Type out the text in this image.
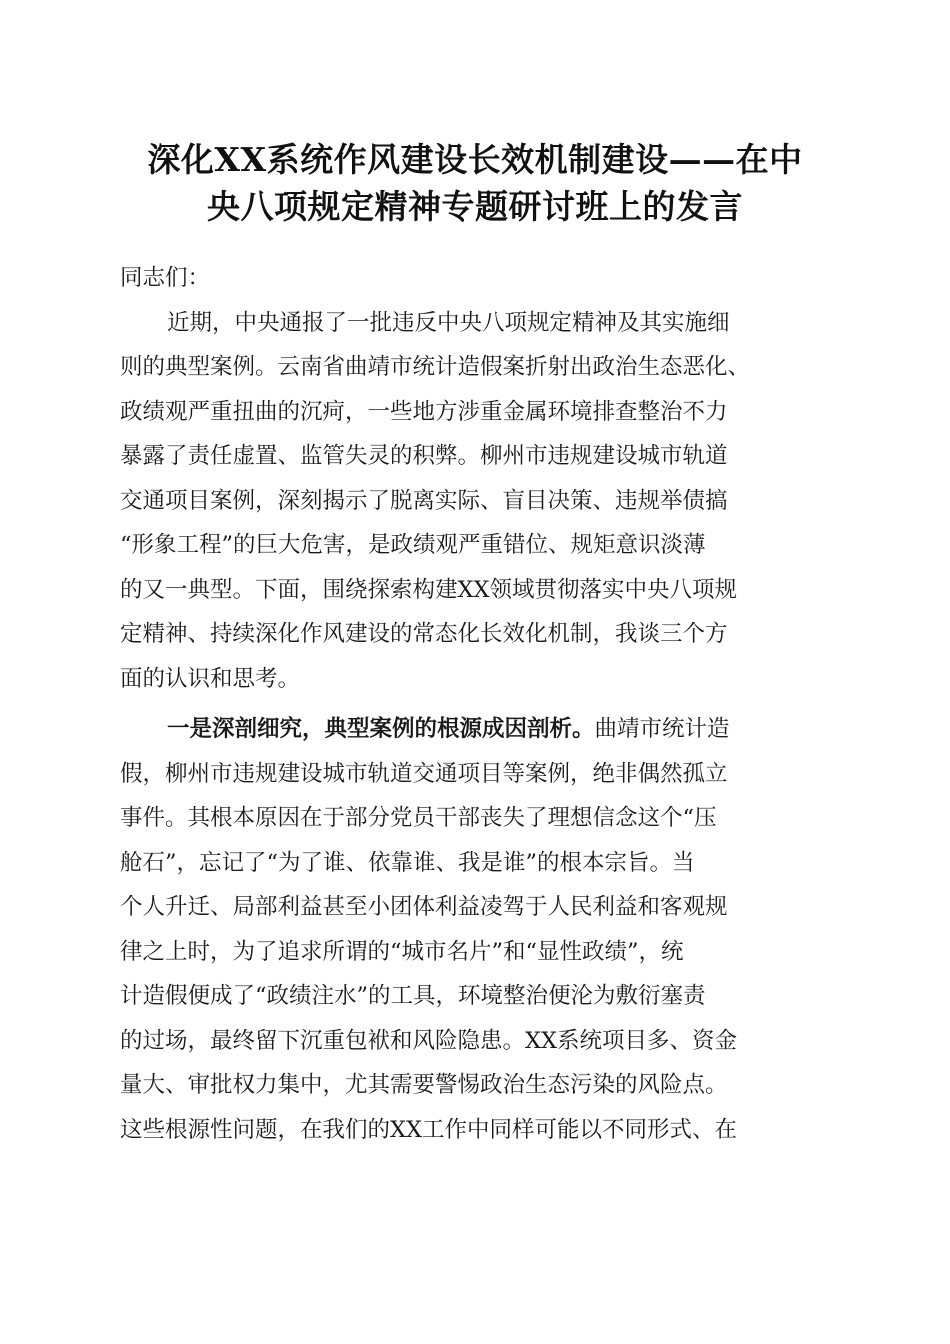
深化XX系统作风建设长效机制建设——在中
央八项规定精神专题研讨班上的发言
同志们：
近期，中央通报了一批违反中央八项规定精神及其实施细
则的典型案例。云南省曲靖市统计造假案折射出政治生态恶化、
政绩观严重扭曲的沉疴，一些地方涉重金属环境排查整治不力
暴露了责任虚置、监管失灵的积弊。柳州市违规建设城市轨道
交通项目案例，深刻揭示了脱离实际、盲目决策、违规举债搞
“形象工程”的巨大危害，是政绩观严重错位、规矩意识淡薄
的又一典型。下面，围绕探索构建XX领域贯彻落实中央八项规
定精神、持续深化作风建设的常态化长效化机制，我谈三个方
面的认识和思考。
一是深剖细究，典型案例的根源成因剖析。曲靖市统计造
假，柳州市违规建设城市轨道交通项目等案例，绝非偶然孤立
事件。其根本原因在于部分党员干部丧失了理想信念这个“压
舱石”，忘记了“为了谁、依靠谁、我是谁”的根本宗旨。当
个人升迁、局部利益甚至小团体利益凌驾于人民利益和客观规
律之上时，为了追求所谓的“城市名片”和“显性政绩”，统
计造假便成了“政绩注水”的工具，环境整治便沦为敷衍塞责
的过场，最终留下沉重包袱和风险隐患。XX系统项目多、资金
量大、审批权力集中，尤其需要警惕政治生态污染的风险点。
这些根源性问题，在我们的XX工作中同样可能以不同形式、在
